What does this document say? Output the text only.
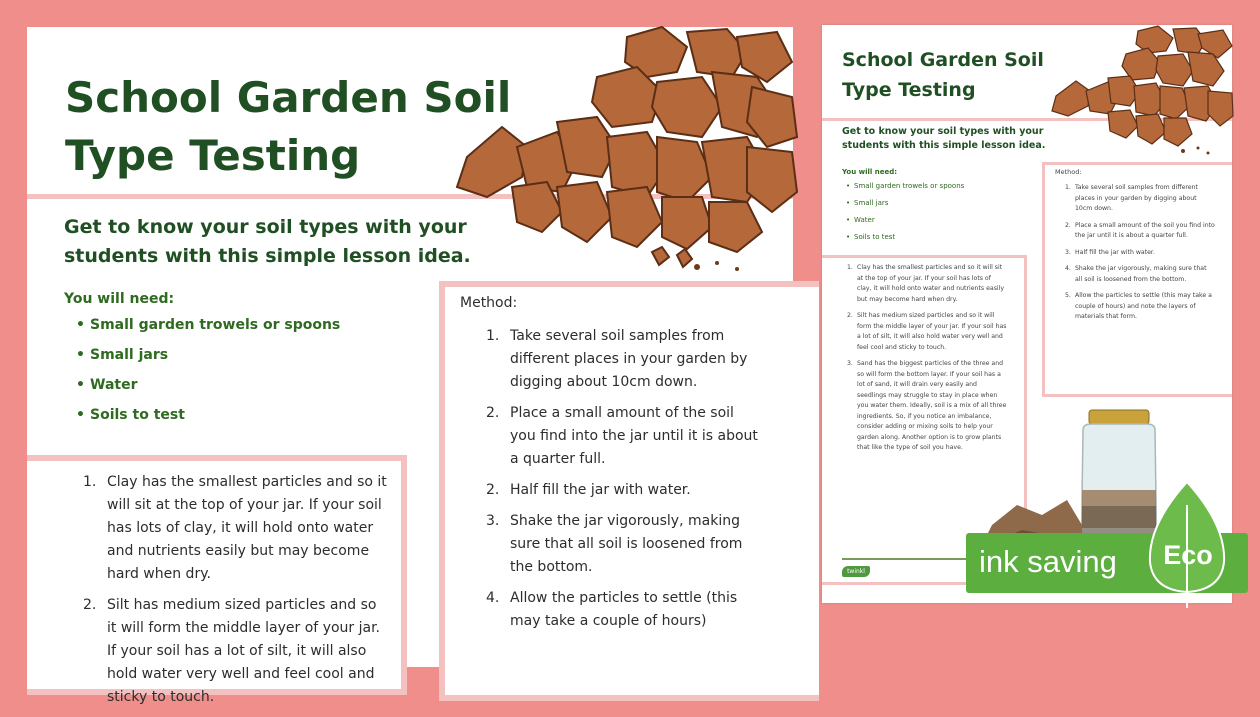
School Garden Soil Type Testing
Get to know your soil types with your students with this simple lesson idea.
You will need:
• Small garden trowels or spoons
• Small jars
• Water
• Soils to test
1. Clay has the smallest particles and so it will sit at the top of your jar. If your soil has lots of clay, it will hold onto water and nutrients easily but may become hard when dry.
2. Silt has medium sized particles and so it will form the middle layer of your jar. If your soil has a lot of silt, it will also hold water very well and feel cool and sticky to touch.
Method:
1. Take several soil samples from different places in your garden by digging about 10cm down.
2. Place a small amount of the soil you find into the jar until it is about a quarter full.
2. Half fill the jar with water.
3. Shake the jar vigorously, making sure that all soil is loosened from the bottom.
4. Allow the particles to settle (this may take a couple of hours)
School Garden Soil Type Testing
Get to know your soil types with your students with this simple lesson idea.
You will need:
• Small garden trowels or spoons
• Small jars
• Water
• Soils to test
Method:
1. Take several soil samples from different places in your garden by digging about 10cm down.
2. Place a small amount of the soil you find into the jar until it is about a quarter full.
3. Half fill the jar with water.
4. Shake the jar vigorously, making sure that all soil is loosened from the bottom.
5. Allow the particles to settle (this may take a couple of hours) and note the layers of materials that form.
1. Clay has the smallest particles and so it will sit at the top of your jar. If your soil has lots of clay, it will hold onto water and nutrients easily but may become hard when dry.
2. Silt has medium sized particles and so it will form the middle layer of your jar. If your soil has a lot of silt, it will also hold water very well and feel cool and sticky to touch.
3. Sand has the biggest particles of the three and so will form the bottom layer. If your soil has a lot of sand, it will drain very easily and seedlings may struggle to stay in place when you water them. Ideally, soil is a mix of all three ingredients. So, if you notice an imbalance, consider adding or mixing soils to help your garden along. Another option is to grow plants that like the type of soil you have.
twinkl	ink saving Eco
